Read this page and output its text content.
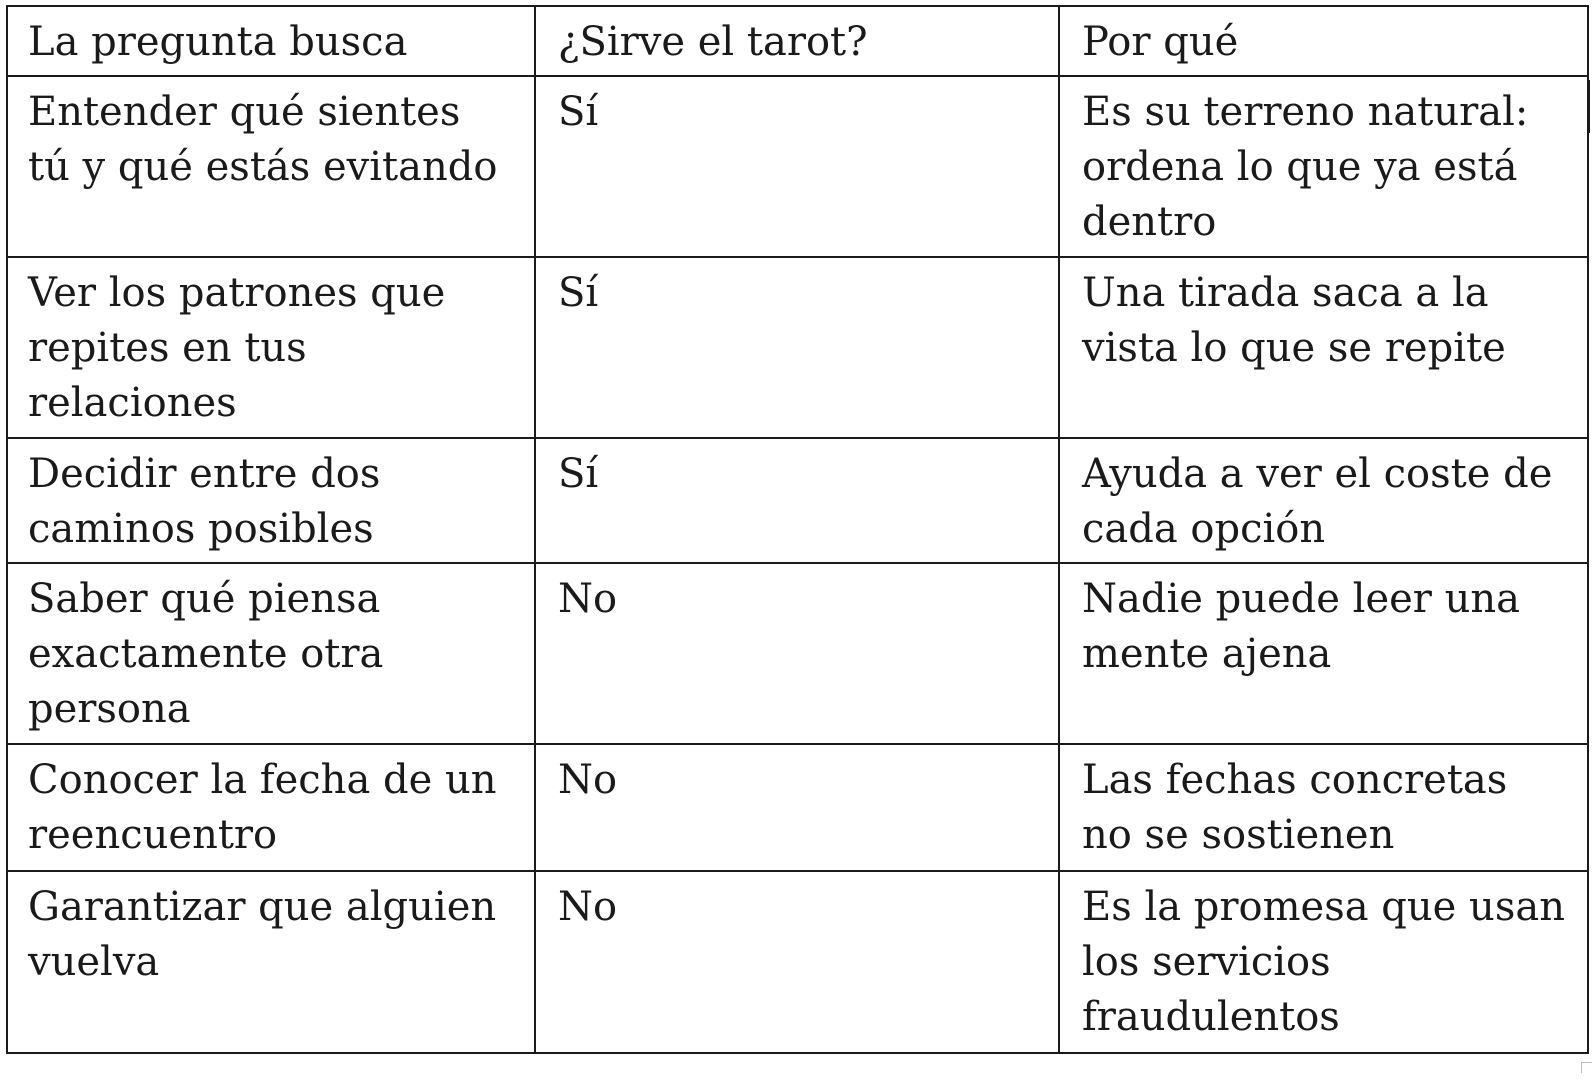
La pregunta busca	¿Sirve el tarot?	Por qué
Entender qué sientes tú y qué estás evitando	Sí	Es su terreno natural: ordena lo que ya está dentro
Ver los patrones que repites en tus relaciones	Sí	Una tirada saca a la vista lo que se repite
Decidir entre dos caminos posibles	Sí	Ayuda a ver el coste de cada opción
Saber qué piensa exactamente otra persona	No	Nadie puede leer una mente ajena
Conocer la fecha de un reencuentro	No	Las fechas concretas no se sostienen
Garantizar que alguien vuelva	No	Es la promesa que usan los servicios fraudulentos
